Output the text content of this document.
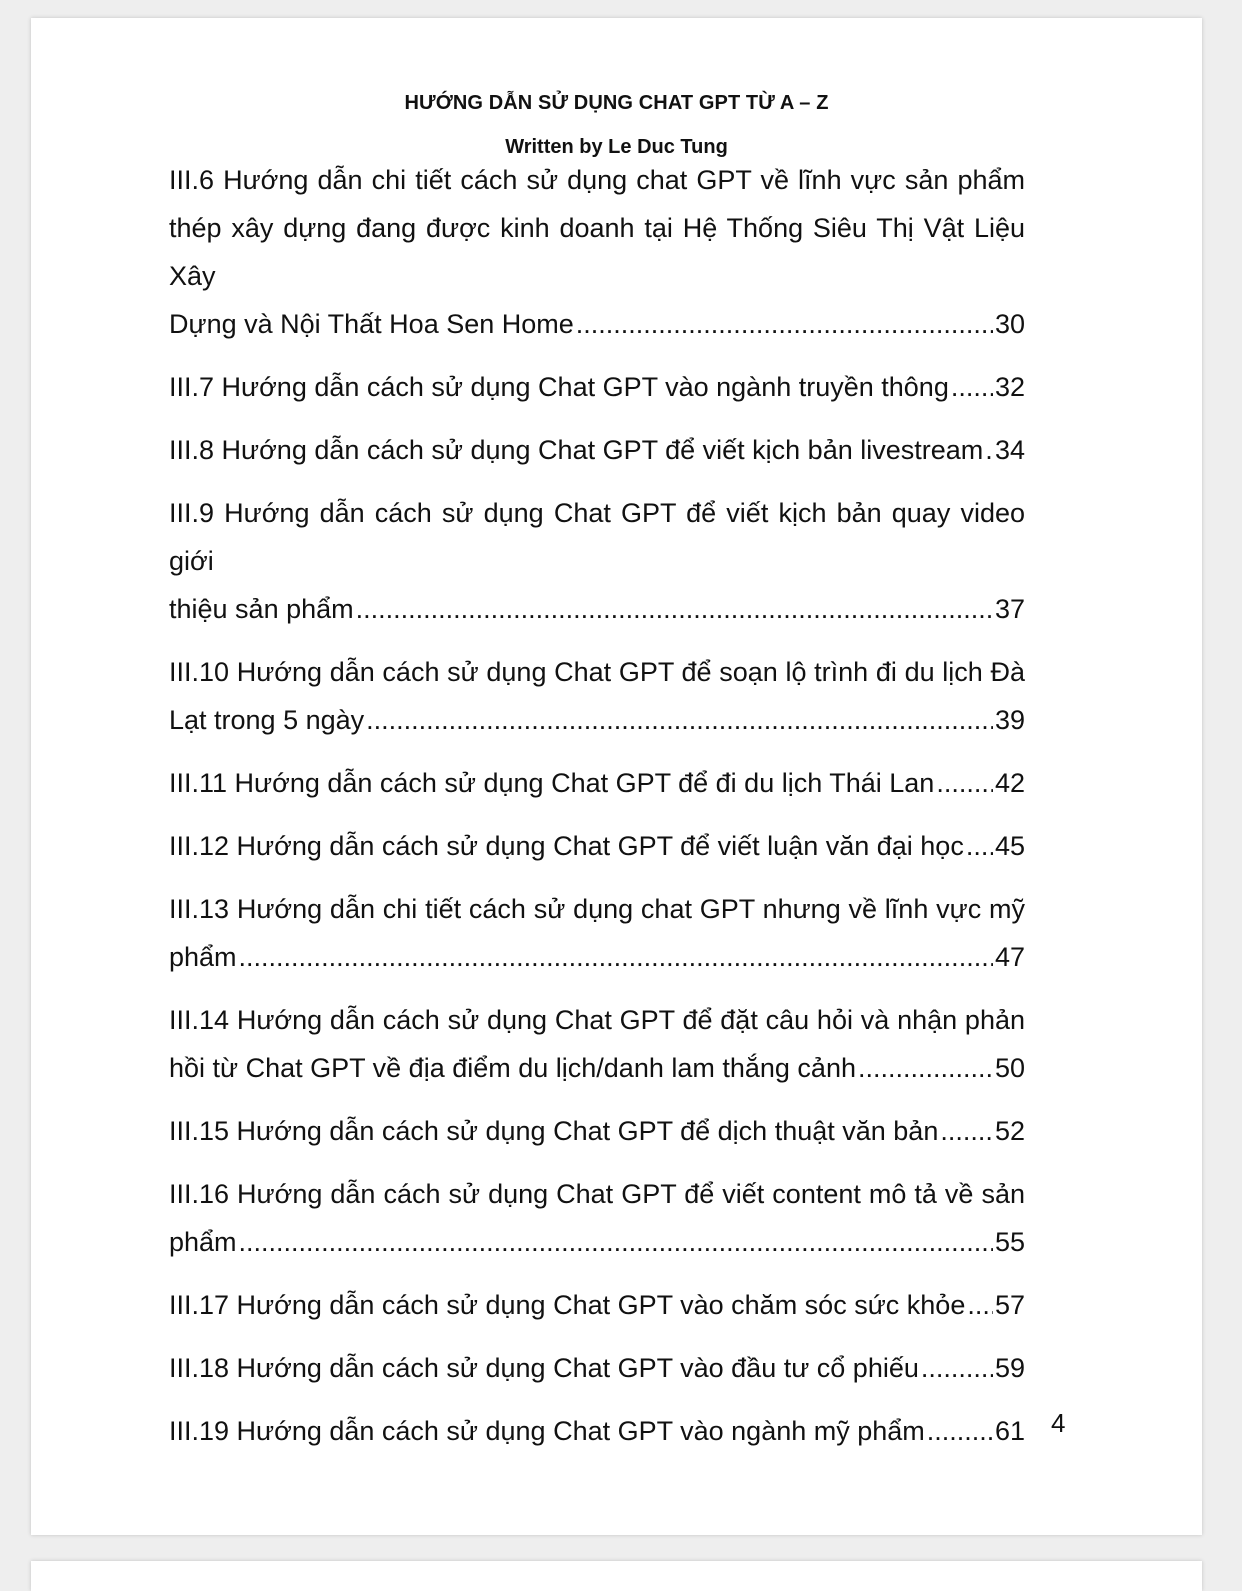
HƯỚNG DẪN SỬ DỤNG CHAT GPT TỪ A – Z
Written by Le Duc Tung
III.6 Hướng dẫn chi tiết cách sử dụng chat GPT về lĩnh vực sản phẩm
thép xây dựng đang được kinh doanh tại Hệ Thống Siêu Thị Vật Liệu Xây
Dựng và Nội Thất Hoa Sen Home .....	30
III.7 Hướng dẫn cách sử dụng Chat GPT vào ngành truyền thông ..... 32
III.8 Hướng dẫn cách sử dụng Chat GPT để viết kịch bản livestream ..... 34
III.9 Hướng dẫn cách sử dụng Chat GPT để viết kịch bản quay video giới
thiệu sản phẩm .....	37
III.10 Hướng dẫn cách sử dụng Chat GPT để soạn lộ trình đi du lịch Đà
Lạt trong 5 ngày .....	39
III.11 Hướng dẫn cách sử dụng Chat GPT để đi du lịch Thái Lan ..... 42
III.12 Hướng dẫn cách sử dụng Chat GPT để viết luận văn đại học ..... 45
III.13 Hướng dẫn chi tiết cách sử dụng chat GPT nhưng về lĩnh vực mỹ
phẩm .....	47
III.14 Hướng dẫn cách sử dụng Chat GPT để đặt câu hỏi và nhận phản
hồi từ Chat GPT về địa điểm du lịch/danh lam thắng cảnh .....	50
III.15 Hướng dẫn cách sử dụng Chat GPT để dịch thuật văn bản ..... 52
III.16 Hướng dẫn cách sử dụng Chat GPT để viết content mô tả về sản
phẩm .....	55
III.17 Hướng dẫn cách sử dụng Chat GPT vào chăm sóc sức khỏe ..... 57
III.18 Hướng dẫn cách sử dụng Chat GPT vào đầu tư cổ phiếu .....	59
III.19 Hướng dẫn cách sử dụng Chat GPT vào ngành mỹ phẩm .....	61 4
